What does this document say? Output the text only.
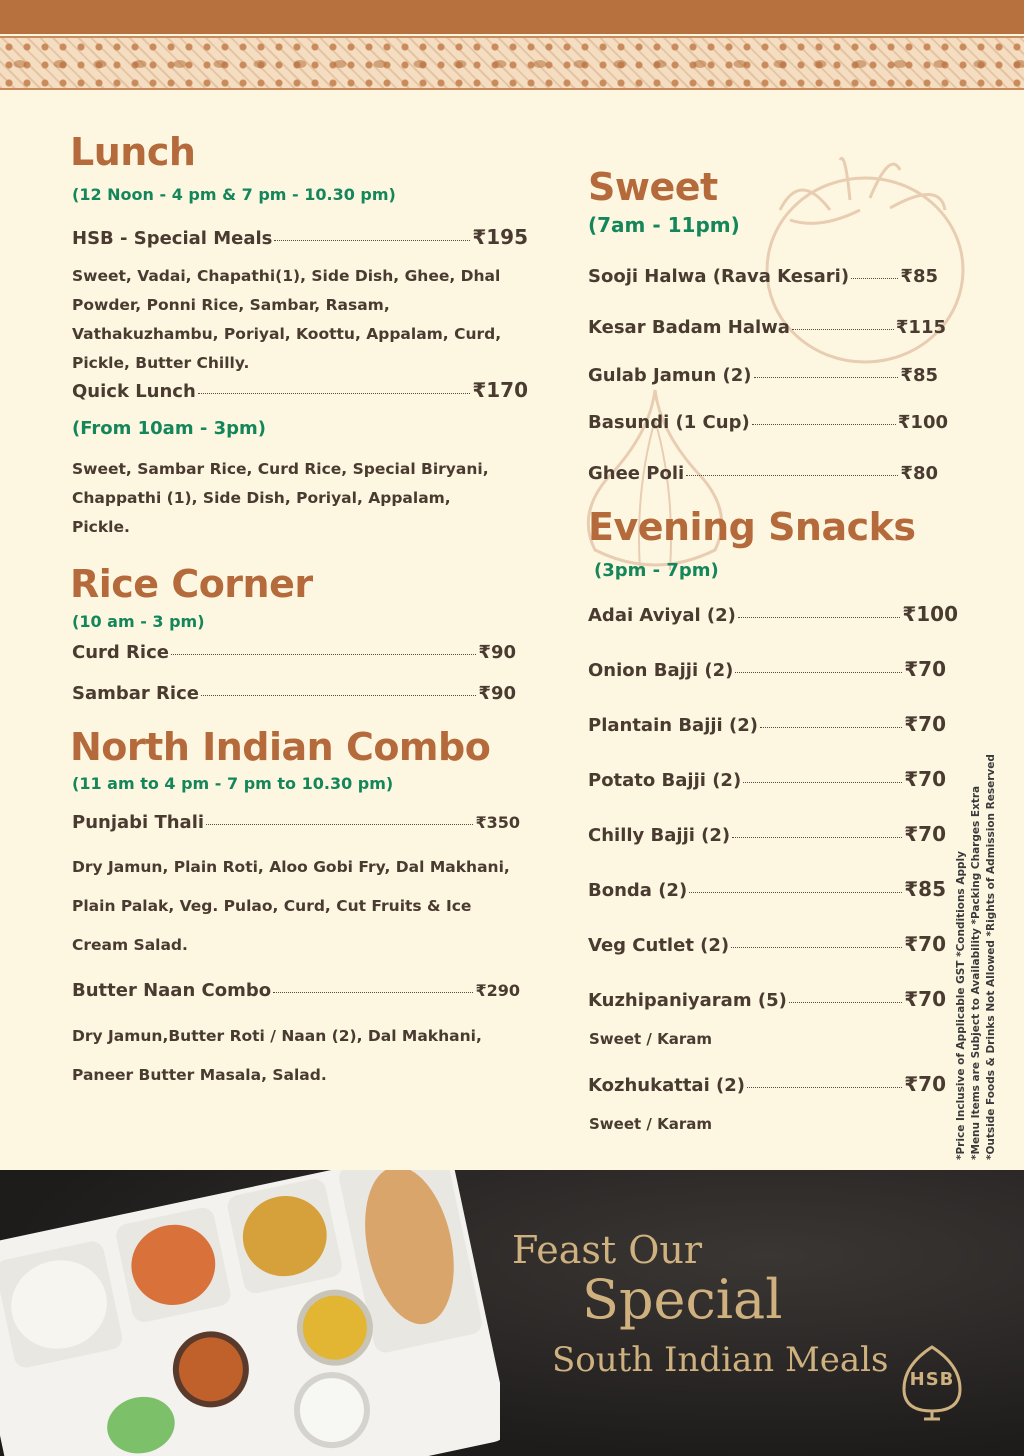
Lunch
(12 Noon - 4 pm & 7 pm - 10.30 pm)
HSB - Special Meals	₹195
Sweet, Vadai, Chapathi(1), Side Dish, Ghee, Dhal Powder, Ponni Rice, Sambar, Rasam, Vathakuzhambu, Poriyal, Koottu, Appalam, Curd, Pickle, Butter Chilly.
Quick Lunch	₹170
(From 10am - 3pm)
Sweet, Sambar Rice, Curd Rice, Special Biryani, Chappathi (1), Side Dish, Poriyal, Appalam, Pickle.
Rice Corner
(10 am - 3 pm)
Curd Rice	₹90
Sambar Rice	₹90
North Indian Combo
(11 am to 4 pm - 7 pm to 10.30 pm)
Punjabi Thali	₹350
Dry Jamun, Plain Roti, Aloo Gobi Fry, Dal Makhani, Plain Palak, Veg. Pulao, Curd, Cut Fruits & Ice Cream Salad.
Butter Naan Combo	₹290
Dry Jamun,Butter Roti / Naan (2), Dal Makhani, Paneer Butter Masala, Salad.
Sweet
(7am - 11pm)
Sooji Halwa (Rava Kesari)	₹85
Kesar Badam Halwa	₹115
Gulab Jamun (2)	₹85
Basundi (1 Cup)	₹100
Ghee Poli	₹80
Evening Snacks
(3pm - 7pm)
Adai Aviyal (2)	₹100
Onion Bajji (2)	₹70
Plantain Bajji (2)	₹70
Potato Bajji (2)	₹70
Chilly Bajji (2)	₹70
Bonda (2)	₹85
Veg Cutlet (2)	₹70
Kuzhipaniyaram (5)	₹70
Sweet / Karam
Kozhukattai (2)	₹70
Sweet / Karam	*Price Inclusive of Applicable GST *Conditions Apply *Menu Items are Subject to Availability *Packing Charges Extra *Outside Foods & Drinks Not Allowed *Rights of Admission Reserved
Feast Our
Special
South Indian Meals	HSB
